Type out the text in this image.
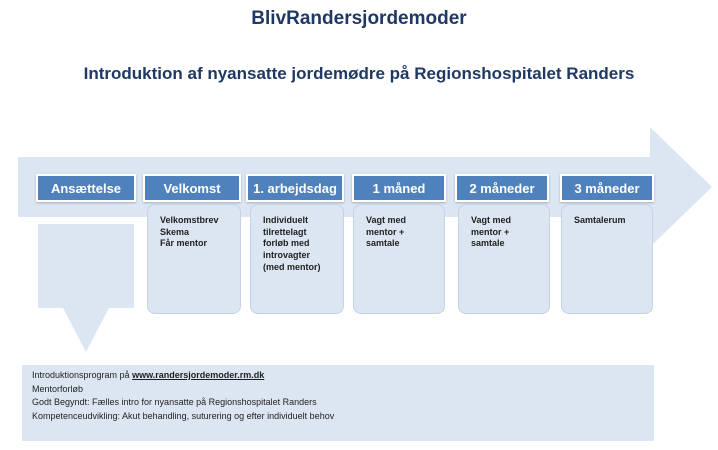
BlivRandersjordemoder
Introduktion af nyansatte jordemødre på Regionshospitalet Randers
Ansættelse	Velkomst	1. arbejdsdag	1 måned	2 måneder	3 måneder
Velkomstbrev
Skema
Får mentor
Individuelt
tilrettelagt
forløb med
introvagter
(med mentor)
Vagt med
mentor +
samtale
Vagt med
mentor +
samtale
Samtalerum
Introduktionsprogram på www.randersjordemoder.rm.dk
Mentorforløb
Godt Begyndt: Fælles intro for nyansatte på Regionshospitalet Randers
Kompetenceudvikling: Akut behandling, suturering og efter individuelt behov
